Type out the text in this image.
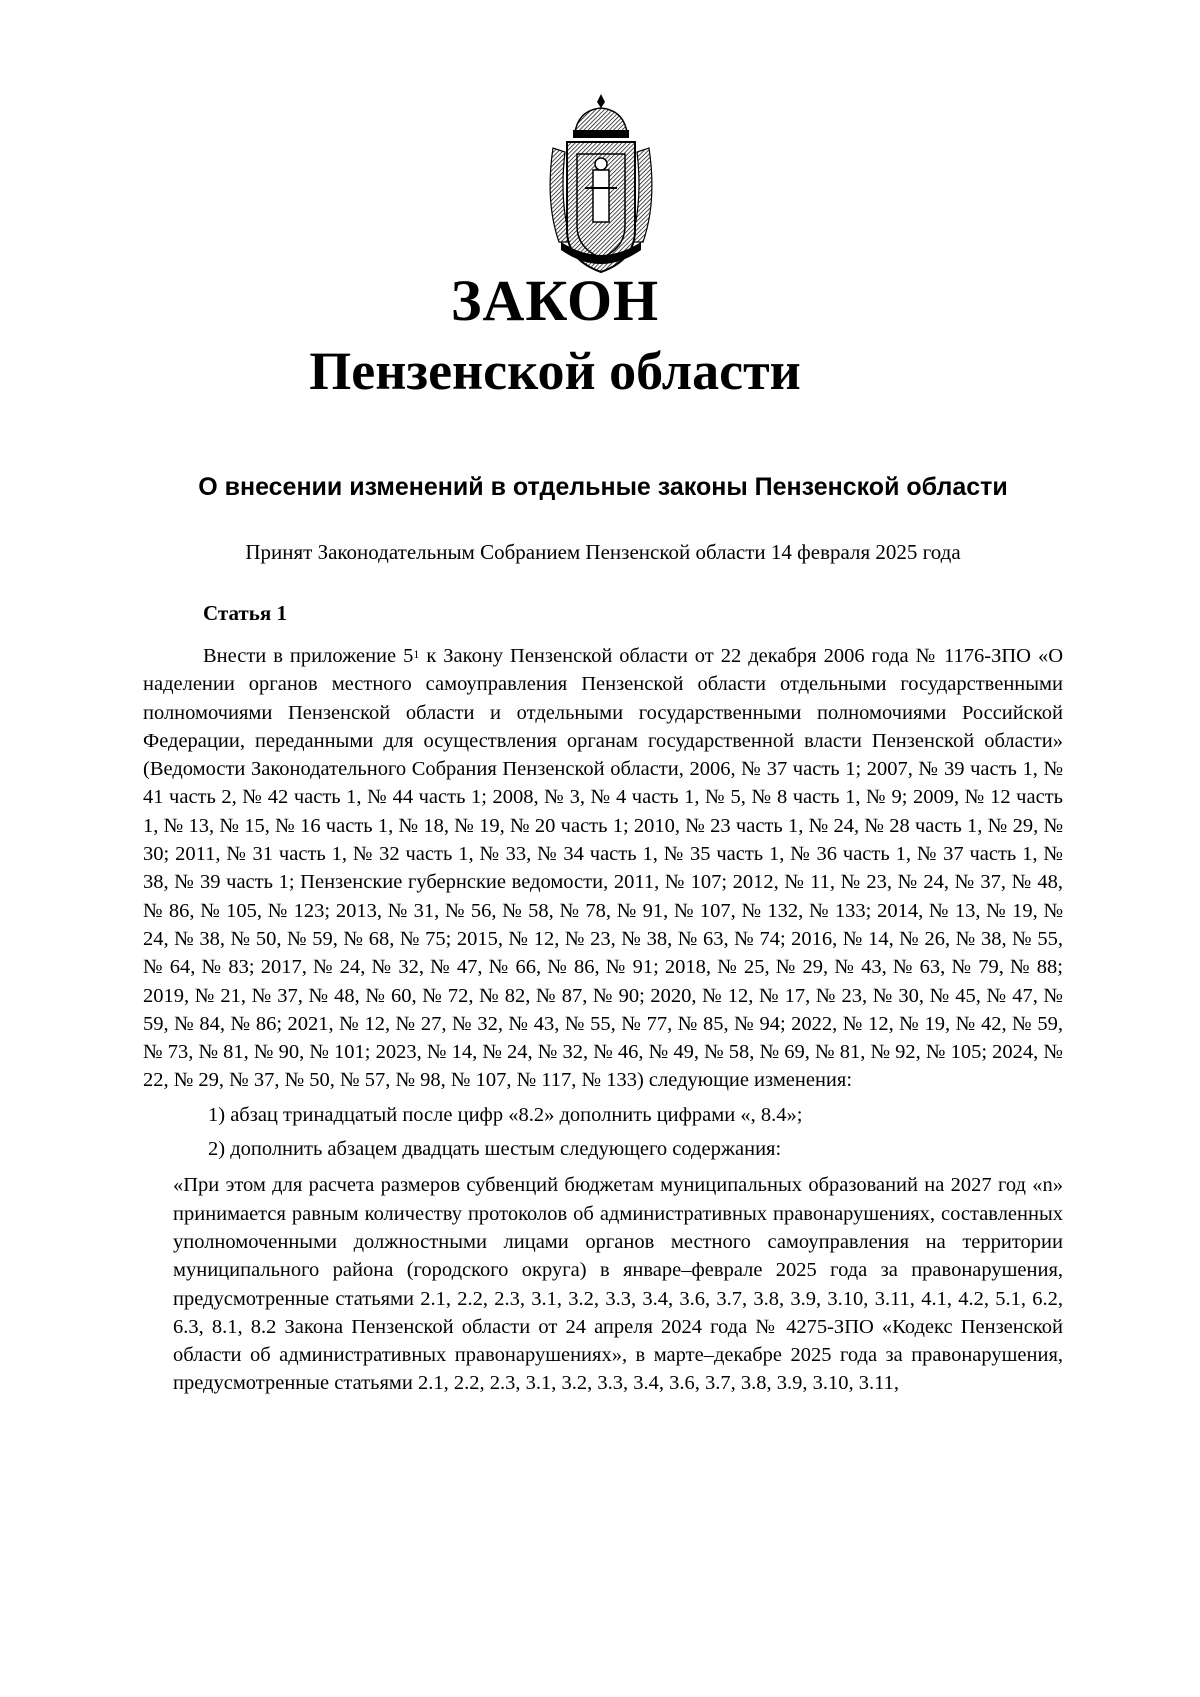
ЗАКОН
Пензенской области
О внесении изменений в отдельные законы Пензенской области

Принят Законодательным Собранием Пензенской области 14 февраля 2025 года

Статья 1

Внести в приложение $5^1$ к Закону Пензенской области от 22 декабря 2006 года № 1176-ЗПО «О наделении органов местного самоуправления Пензенской области отдельными государственными полномочиями Пензенской области и отдельными государственными полномочиями Российской Федерации, переданными для осуществления органам государственной власти Пензенской области» (Ведомости Законодательного Собрания Пензенской области, 2006, № 37 часть 1; 2007, № 39 часть 1, № 41 часть 2, № 42 часть 1, № 44 часть 1; 2008, № 3, № 4 часть 1, № 5, № 8 часть 1, № 9; 2009, № 12 часть 1, № 13, № 15, № 16 часть 1, № 18, № 19, № 20 часть 1; 2010, № 23 часть 1, № 24, № 28 часть 1, № 29, № 30; 2011, № 31 часть 1, № 32 часть 1, № 33, № 34 часть 1, № 35 часть 1, № 36 часть 1, № 37 часть 1, № 38, № 39 часть 1; Пензенские губернские ведомости, 2011, № 107; 2012, № 11, № 23, № 24, № 37, № 48, № 86, № 105, № 123; 2013, № 31, № 56, № 58, № 78, № 91, № 107, № 132, № 133; 2014, № 13, № 19, № 24, № 38, № 50, № 59, № 68, № 75; 2015, № 12, № 23, № 38, № 63, № 74; 2016, № 14, № 26, № 38, № 55, № 64, № 83; 2017, № 24, № 32, № 47, № 66, № 86, № 91; 2018, № 25, № 29, № 43, № 63, № 79, № 88; 2019, № 21, № 37, № 48, № 60, № 72, № 82, № 87, № 90; 2020, № 12, № 17, № 23, № 30, № 45, № 47, № 59, № 84, № 86; 2021, № 12, № 27, № 32, № 43, № 55, № 77, № 85, № 94; 2022, № 12, № 19, № 42, № 59, № 73, № 81, № 90, № 101; 2023, № 14, № 24, № 32, № 46, № 49, № 58, № 69, № 81, № 92, № 105; 2024, № 22, № 29, № 37, № 50, № 57, № 98, № 107, № 117, № 133) следующие изменения:

1) абзац тринадцатый после цифр «8.2» дополнить цифрами «, 8.4»;

2) дополнить абзацем двадцать шестым следующего содержания:

«При этом для расчета размеров субвенций бюджетам муниципальных образований на 2027 год «n» принимается равным количеству протоколов об административных правонарушениях, составленных уполномоченными должностными лицами органов местного самоуправления на территории муниципального района (городского округа) в январе–феврале 2025 года за правонарушения, предусмотренные статьями 2.1, 2.2, 2.3, 3.1, 3.2, 3.3, 3.4, 3.6, 3.7, 3.8, 3.9, 3.10, 3.11, 4.1, 4.2, 5.1, 6.2, 6.3, 8.1, 8.2 Закона Пензенской области от 24 апреля 2024 года № 4275-ЗПО «Кодекс Пензенской области об административных правонарушениях», в марте–декабре 2025 года за правонарушения, предусмотренные статьями 2.1, 2.2, 2.3, 3.1, 3.2, 3.3, 3.4, 3.6, 3.7, 3.8, 3.9, 3.10, 3.11,
